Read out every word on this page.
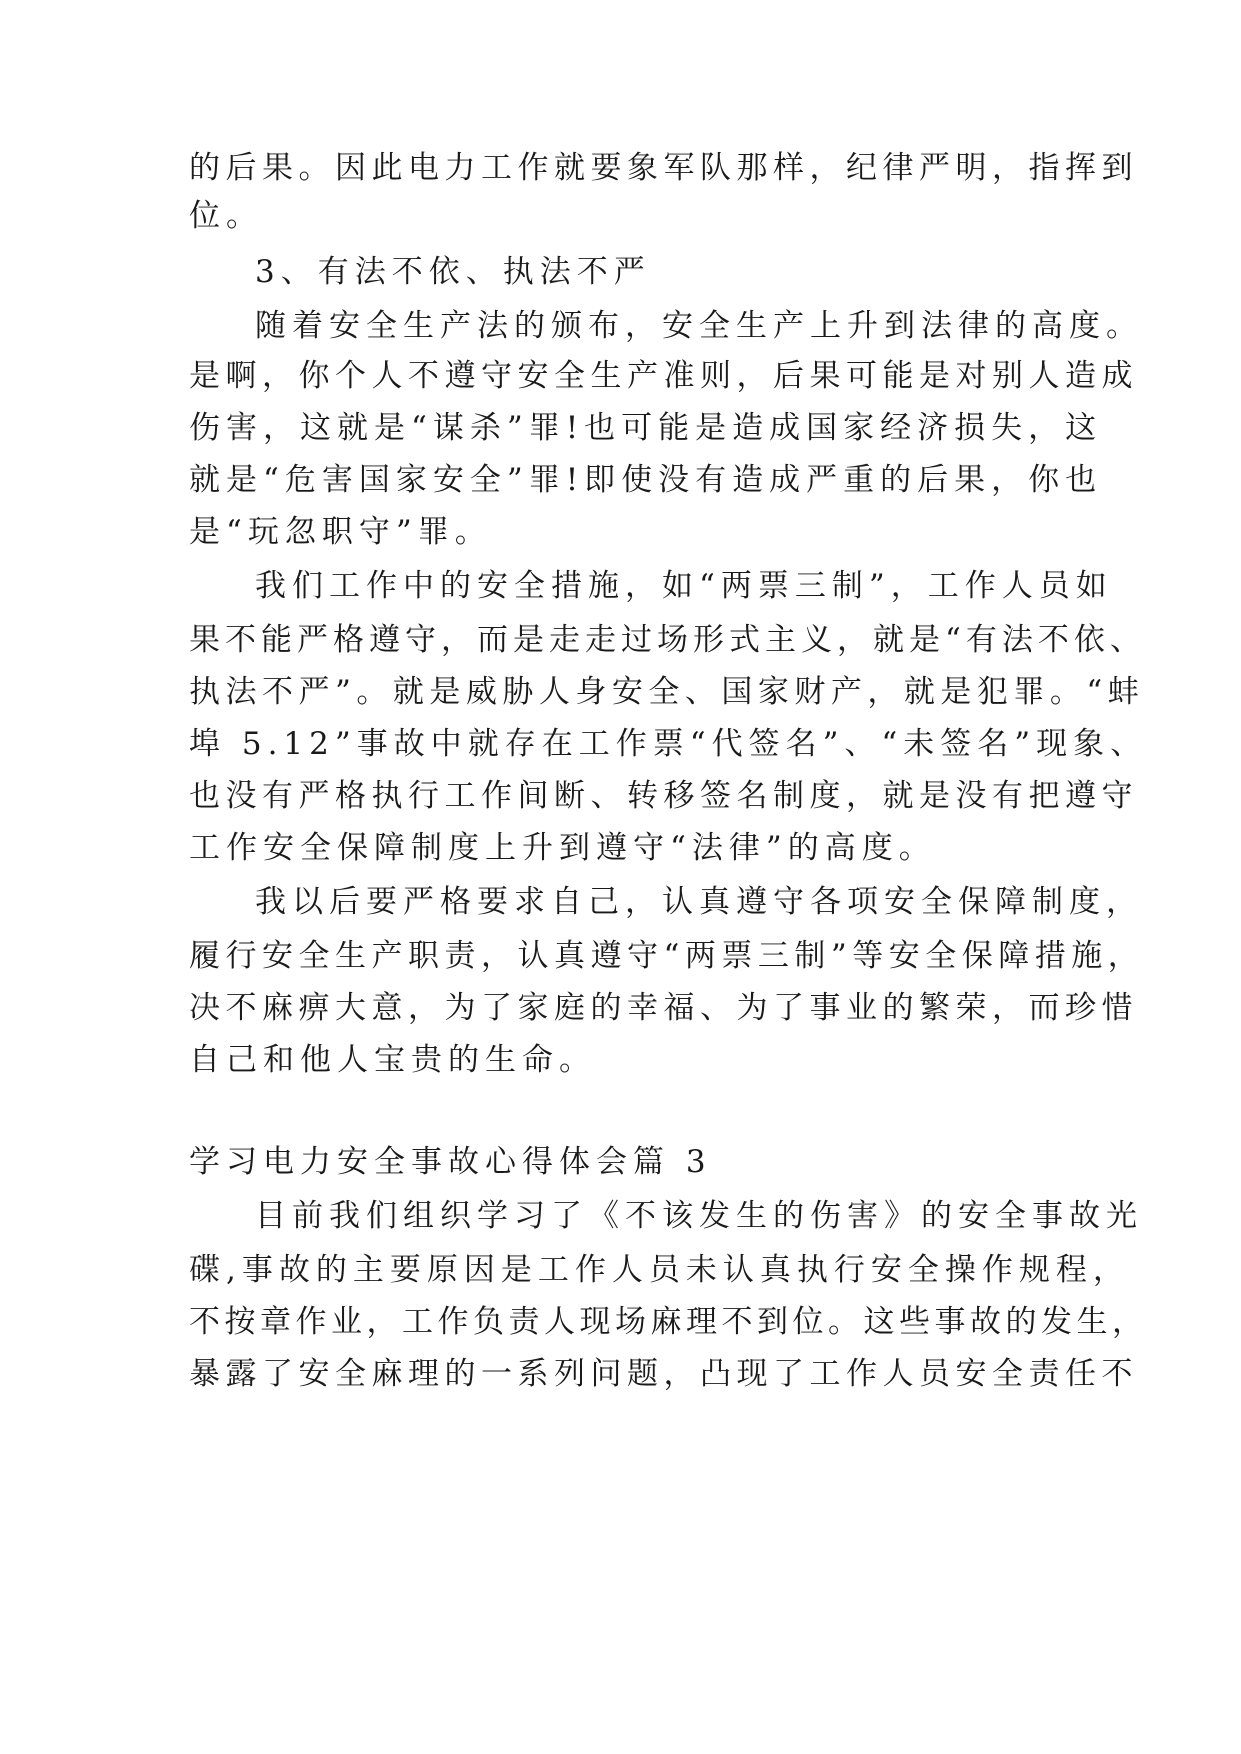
的后果。因此电力工作就要象军队那样，纪律严明，指挥到
位。
3、有法不依、执法不严
随着安全生产法的颁布，安全生产上升到法律的高度。
是啊，你个人不遵守安全生产准则，后果可能是对别人造成
伤害，这就是“谋杀”罪!也可能是造成国家经济损失，这
就是“危害国家安全”罪!即使没有造成严重的后果，你也
是“玩忽职守”罪。
我们工作中的安全措施，如“两票三制”，工作人员如
果不能严格遵守，而是走走过场形式主义，就是“有法不依、
执法不严”。就是威胁人身安全、国家财产，就是犯罪。“蚌
埠 5.12”事故中就存在工作票“代签名”、“未签名”现象、
也没有严格执行工作间断、转移签名制度，就是没有把遵守
工作安全保障制度上升到遵守“法律”的高度。
我以后要严格要求自己，认真遵守各项安全保障制度，
履行安全生产职责，认真遵守“两票三制”等安全保障措施，
决不麻痹大意，为了家庭的幸福、为了事业的繁荣，而珍惜
自己和他人宝贵的生命。
学习电力安全事故心得体会篇 3
目前我们组织学习了《不该发生的伤害》的安全事故光
碟,事故的主要原因是工作人员未认真执行安全操作规程，
不按章作业，工作负责人现场麻理不到位。这些事故的发生，
暴露了安全麻理的一系列问题，凸现了工作人员安全责任不
